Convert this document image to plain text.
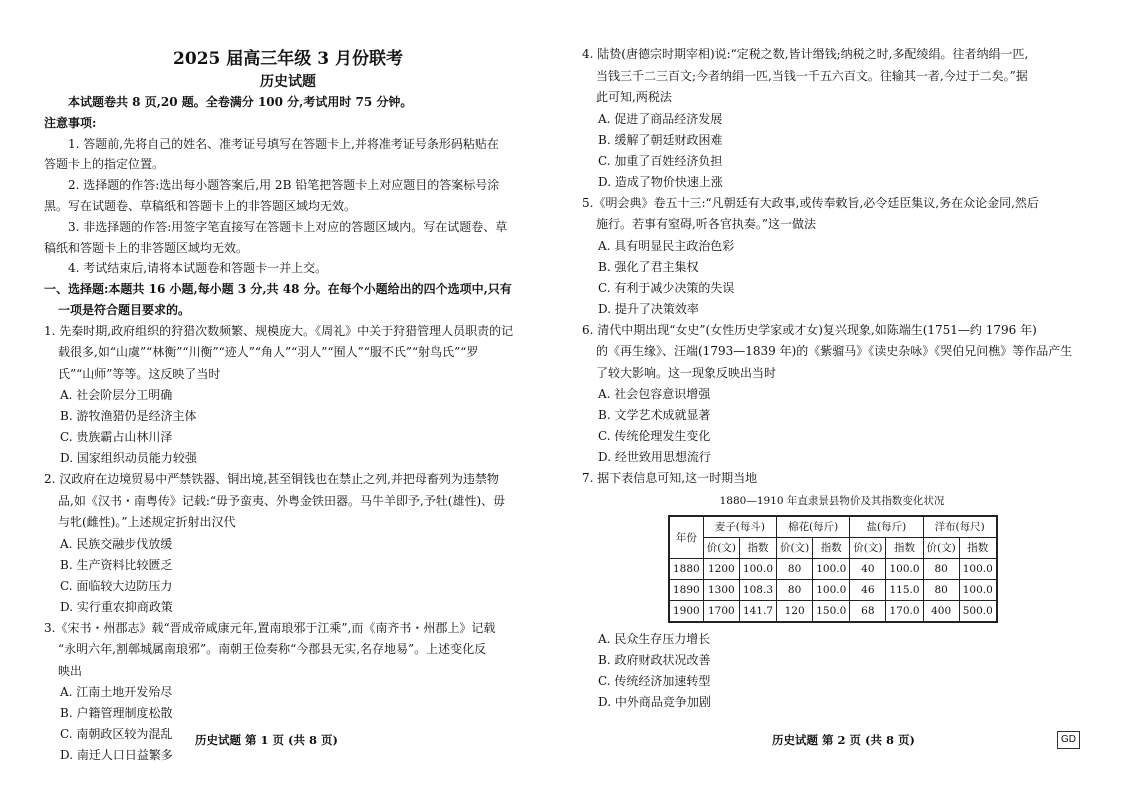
2025 届高三年级 3 月份联考
历史试题
本试题卷共 8 页,20 题。全卷满分 100 分,考试用时 75 分钟。
注意事项:
1. 答题前,先将自己的姓名、准考证号填写在答题卡上,并将准考证号条形码粘贴在
答题卡上的指定位置。
2. 选择题的作答:选出每小题答案后,用 2B 铅笔把答题卡上对应题目的答案标号涂
黑。写在试题卷、草稿纸和答题卡上的非答题区域均无效。
3. 非选择题的作答:用签字笔直接写在答题卡上对应的答题区域内。写在试题卷、草
稿纸和答题卡上的非答题区域均无效。
4. 考试结束后,请将本试题卷和答题卡一并上交。
一、选择题:本题共 16 小题,每小题 3 分,共 48 分。在每个小题给出的四个选项中,只有
一项是符合题目要求的。
1. 先秦时期,政府组织的狩猎次数频繁、规模庞大。《周礼》中关于狩猎管理人员职责的记
载很多,如“山虞”“林衡”“川衡”“迹人”“角人”“羽人”“囿人”“服不氏”“射鸟氏”“罗
氏”“山师”等等。这反映了当时
A. 社会阶层分工明确
B. 游牧渔猎仍是经济主体
C. 贵族霸占山林川泽
D. 国家组织动员能力较强
2. 汉政府在边境贸易中严禁铁器、铜出境,甚至铜钱也在禁止之列,并把母畜列为违禁物
品,如《汉书・南粤传》记载:“毋予蛮夷、外粤金铁田器。马牛羊即予,予牡(雄性)、毋
与牝(雌性)。”上述规定折射出汉代
A. 民族交融步伐放缓
B. 生产资料比较匮乏
C. 面临较大边防压力
D. 实行重农抑商政策
3.《宋书・州郡志》载“晋成帝咸康元年,置南琅邪于江乘”,而《南齐书・州郡上》记载
“永明六年,割鄣城属南琅邪”。南朝王俭奏称“今郡县无实,名存地易”。上述变化反
映出
A. 江南土地开发殆尽
B. 户籍管理制度松散
C. 南朝政区较为混乱
D. 南迁人口日益繁多
4. 陆贽(唐德宗时期宰相)说:“定税之数,皆计缗钱;纳税之时,多配绫绢。往者纳绢一匹,
当钱三千二三百文;今者纳绢一匹,当钱一千五六百文。往输其一者,今过于二矣。”据
此可知,两税法
A. 促进了商品经济发展
B. 缓解了朝廷财政困难
C. 加重了百姓经济负担
D. 造成了物价快速上涨
5.《明会典》卷五十三:“凡朝廷有大政事,或传奉敕旨,必令廷臣集议,务在众论金同,然后
施行。若事有窒碍,听各官执奏。”这一做法
A. 具有明显民主政治色彩
B. 强化了君主集权
C. 有利于减少决策的失误
D. 提升了决策效率
6. 清代中期出现“女史”(女性历史学家或才女)复兴现象,如陈端生(1751—约 1796 年)
的《再生缘》、汪端(1793—1839 年)的《紫骝马》《读史杂咏》《哭伯兄问樵》等作品产生
了较大影响。这一现象反映出当时
A. 社会包容意识增强
B. 文学艺术成就显著
C. 传统伦理发生变化
D. 经世致用思想流行
7. 据下表信息可知,这一时期当地
1880—1910 年直隶景县物价及其指数变化状况
年份	麦子(每斗)		棉花(每斤)		盐(每斤)		洋布(每尺)	
	价(文)	指数	价(文)	指数	价(文)	指数	价(文)	指数
1880	1200	100.0	80	100.0	40	100.0	80	100.0
1890	1300	108.3	80	100.0	46	115.0	80	100.0
1900	1700	141.7	120	150.0	68	170.0	400	500.0
A. 民众生存压力增长
B. 政府财政状况改善
C. 传统经济加速转型
D. 中外商品竞争加剧
历史试题 第 1 页 (共 8 页)	历史试题 第 2 页 (共 8 页)	GD
